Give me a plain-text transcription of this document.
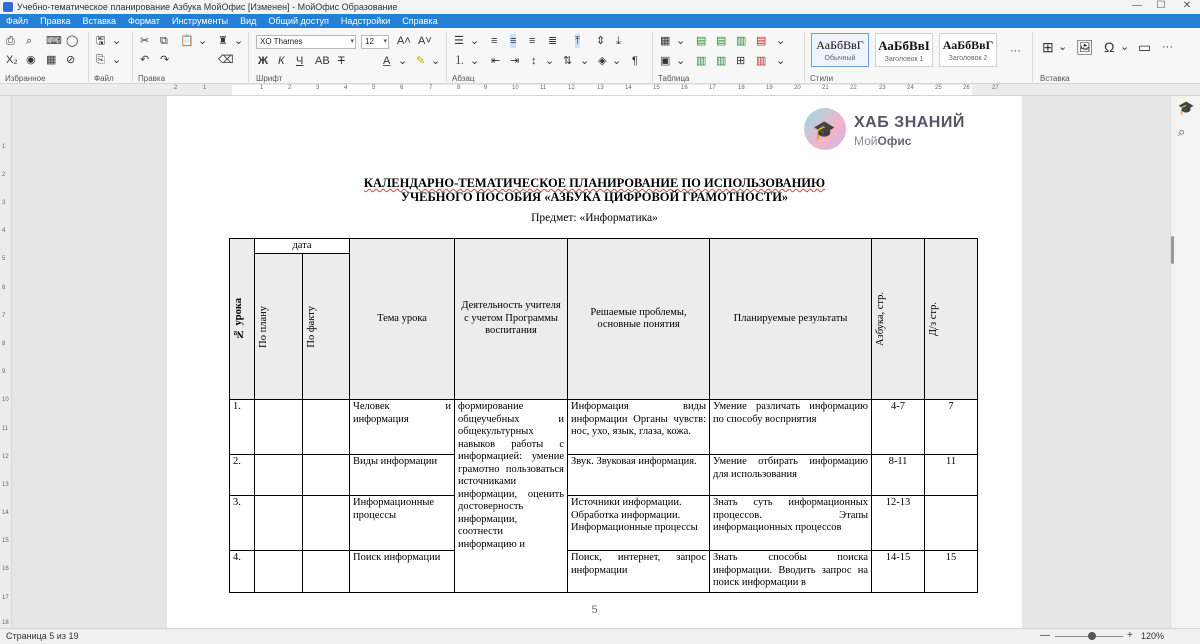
Учебно-тематическое планирование Азбука МойОфис [Изменен] - МойОфис Образование	—	☐	✕
Файл	Правка	Вставка	Формат	Инструменты	Вид	Общий доступ	Надстройки	Справка
⎙ ⌕ ⌨ ◯
X₂ ◉ ▦ ⊘
Избранное
🖫 ⌄
⎘ ⌄
Файл
✂ ⧉ 📋 ⌄ ♜ ⌄
↶ ↷	⌫
Правка
XO Thames	▾	12 ▾ A˄ A˅
Ж К Ч AB Т	A ⌄ ✎ ⌄
Шрифт
☰ ⌄ ≡ ≡ ≡ ≣ ⤒ ⇕ ⤓
⒈ ⌄ ⇤ ⇥ ↕ ⌄ ⇅ ⌄ ◈ ⌄ ¶
Абзац
▦ ⌄ ▤ ▤ ▥ ▤ ⌄
▣ ⌄ ▥ ▥ ⊞ ▥ ⌄
Таблица
АаБбВвГ
Обычный
АаБбВвI
Заголовок 1
АаБбВвГ
Заголовок 2
···
Стили
⊞ ⌄ 🖼 Ω ⌄ ▭ ···
Вставка
2	1	1	2	3	4	5	6	7	8	9	10	11	12	13	14	15	16	17	18	19	20	21	22	23	24	25	26	27
1
2
3
4
5
6
7
8
9
10
11
12
13
14
15
16
17
18
🎓 ХАБ ЗНАНИЙ
МойОфис
КАЛЕНДАРНО-ТЕМАТИЧЕСКОЕ ПЛАНИРОВАНИЕ ПО ИСПОЛЬЗОВАНИЮ
УЧЕБНОГО ПОСОБИЯ «АЗБУКА ЦИФРОВОЙ ГРАМОТНОСТИ»
Предмет: «Информатика»
№ урока	дата		Тема урока	Деятельность учителя с учетом Программы воспитания	Решаемые проблемы, основные понятия	Планируемые результаты	Азбука, стр.	Д/з стр.

	По плану	По факту						

1.			Человек и информация	формирование общеучебных и общекультурных навыков работы с информацией: умение грамотно пользоваться источниками информации, оценить достоверность информации, соотнести информацию и	Информация виды информации Органы чувств: нос, ухо, язык, глаза, кожа.	Умение различать информацию по способу восприятия	4-7	7
2.			Виды информации		Звук. Звуковая информация.	Умение отбирать информацию для использования	8-11	11
3.			Информационные процессы		Источники информации. Обработка информации. Информационные процессы	Знать суть информационных процессов. Этапы информационных процессов	12-13	
4.			Поиск информации		Поиск, интернет, запрос информации	Знать способы поиска информации. Вводить запрос на поиск информации в	14-15	15
5
🎓
⌕
Страница 5 из 19	—	+ 120%
